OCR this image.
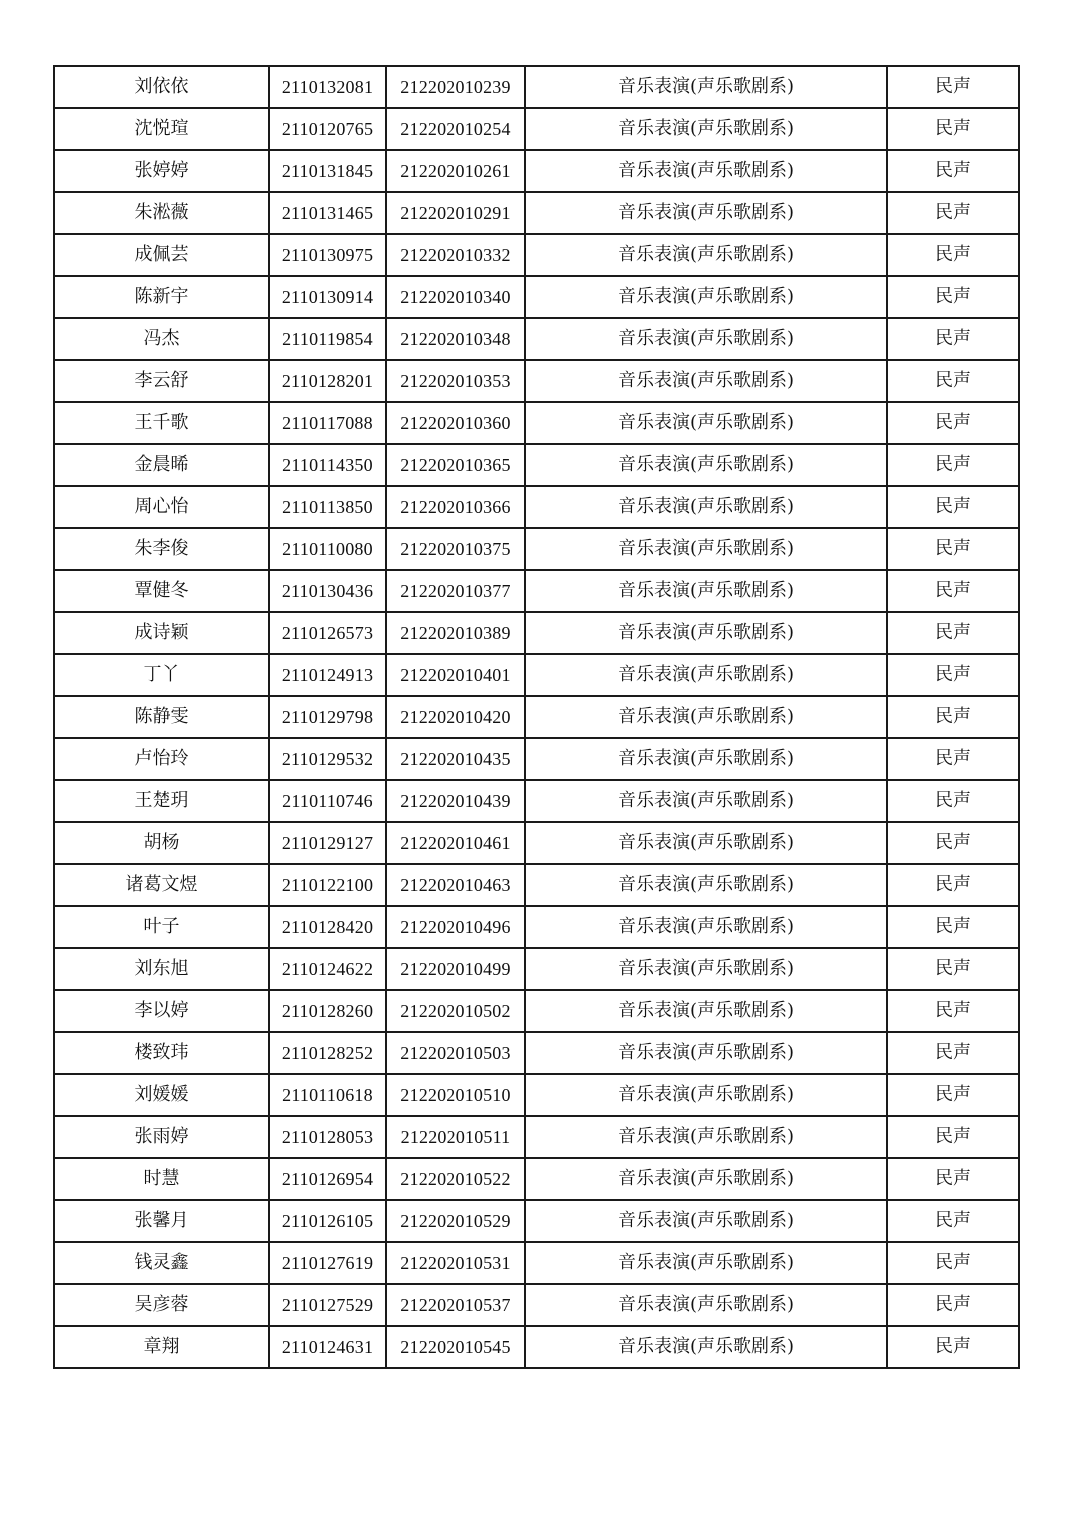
刘依依	2110132081	212202010239	音乐表演(声乐歌剧系)	民声
沈悦瑄	2110120765	212202010254	音乐表演(声乐歌剧系)	民声
张婷婷	2110131845	212202010261	音乐表演(声乐歌剧系)	民声
朱淞薇	2110131465	212202010291	音乐表演(声乐歌剧系)	民声
成佩芸	2110130975	212202010332	音乐表演(声乐歌剧系)	民声
陈新宇	2110130914	212202010340	音乐表演(声乐歌剧系)	民声
冯杰	2110119854	212202010348	音乐表演(声乐歌剧系)	民声
李云舒	2110128201	212202010353	音乐表演(声乐歌剧系)	民声
王千歌	2110117088	212202010360	音乐表演(声乐歌剧系)	民声
金晨晞	2110114350	212202010365	音乐表演(声乐歌剧系)	民声
周心怡	2110113850	212202010366	音乐表演(声乐歌剧系)	民声
朱李俊	2110110080	212202010375	音乐表演(声乐歌剧系)	民声
覃健冬	2110130436	212202010377	音乐表演(声乐歌剧系)	民声
成诗颖	2110126573	212202010389	音乐表演(声乐歌剧系)	民声
丁丫	2110124913	212202010401	音乐表演(声乐歌剧系)	民声
陈静雯	2110129798	212202010420	音乐表演(声乐歌剧系)	民声
卢怡玲	2110129532	212202010435	音乐表演(声乐歌剧系)	民声
王楚玥	2110110746	212202010439	音乐表演(声乐歌剧系)	民声
胡杨	2110129127	212202010461	音乐表演(声乐歌剧系)	民声
诸葛文煜	2110122100	212202010463	音乐表演(声乐歌剧系)	民声
叶子	2110128420	212202010496	音乐表演(声乐歌剧系)	民声
刘东旭	2110124622	212202010499	音乐表演(声乐歌剧系)	民声
李以婷	2110128260	212202010502	音乐表演(声乐歌剧系)	民声
楼致玮	2110128252	212202010503	音乐表演(声乐歌剧系)	民声
刘媛媛	2110110618	212202010510	音乐表演(声乐歌剧系)	民声
张雨婷	2110128053	212202010511	音乐表演(声乐歌剧系)	民声
时慧	2110126954	212202010522	音乐表演(声乐歌剧系)	民声
张馨月	2110126105	212202010529	音乐表演(声乐歌剧系)	民声
钱灵鑫	2110127619	212202010531	音乐表演(声乐歌剧系)	民声
吴彦蓉	2110127529	212202010537	音乐表演(声乐歌剧系)	民声
章翔	2110124631	212202010545	音乐表演(声乐歌剧系)	民声
